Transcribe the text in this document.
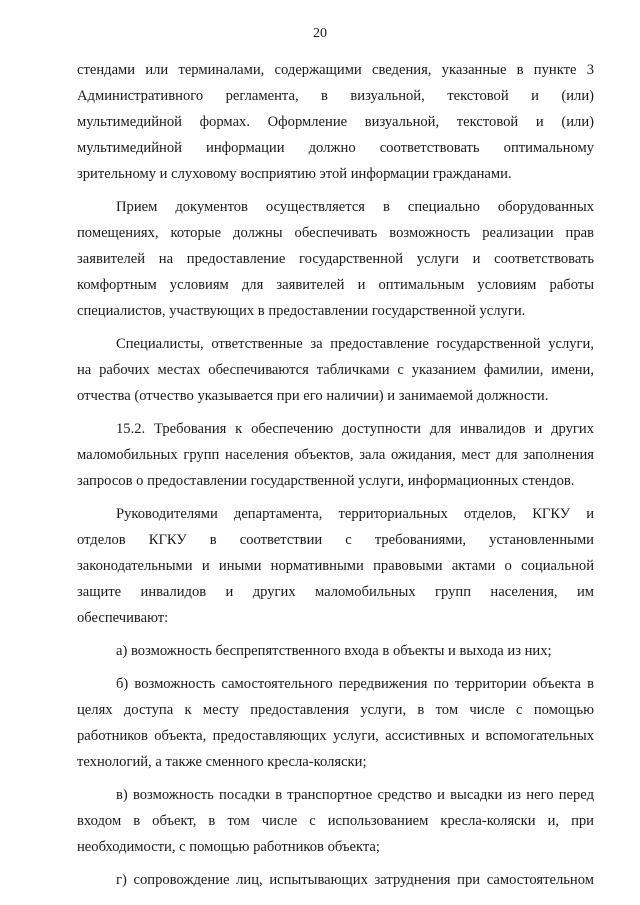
20
стендами или терминалами, содержащими сведения, указанные в пункте 3
Административного регламента, в визуальной, текстовой и (или)
мультимедийной формах. Оформление визуальной, текстовой и (или)
мультимедийной информации должно соответствовать оптимальному
зрительному и слуховому восприятию этой информации гражданами.
Прием документов осуществляется в специально оборудованных
помещениях, которые должны обеспечивать возможность реализации прав
заявителей на предоставление государственной услуги и соответствовать
комфортным условиям для заявителей и оптимальным условиям работы
специалистов, участвующих в предоставлении государственной услуги.
Специалисты, ответственные за предоставление государственной услуги,
на рабочих местах обеспечиваются табличками с указанием фамилии, имени,
отчества (отчество указывается при его наличии) и занимаемой должности.
15.2. Требования к обеспечению доступности для инвалидов и других
маломобильных групп населения объектов, зала ожидания, мест для заполнения
запросов о предоставлении государственной услуги, информационных стендов.
Руководителями департамента, территориальных отделов, КГКУ и
отделов КГКУ в соответствии с требованиями, установленными
законодательными и иными нормативными правовыми актами о социальной
защите инвалидов и других маломобильных групп населения, им
обеспечивают:
а) возможность беспрепятственного входа в объекты и выхода из них;
б) возможность самостоятельного передвижения по территории объекта в
целях доступа к месту предоставления услуги, в том числе с помощью
работников объекта, предоставляющих услуги, ассистивных и вспомогательных
технологий, а также сменного кресла-коляски;
в) возможность посадки в транспортное средство и высадки из него перед
входом в объект, в том числе с использованием кресла-коляски и, при
необходимости, с помощью работников объекта;
г) сопровождение лиц, испытывающих затруднения при самостоятельном
